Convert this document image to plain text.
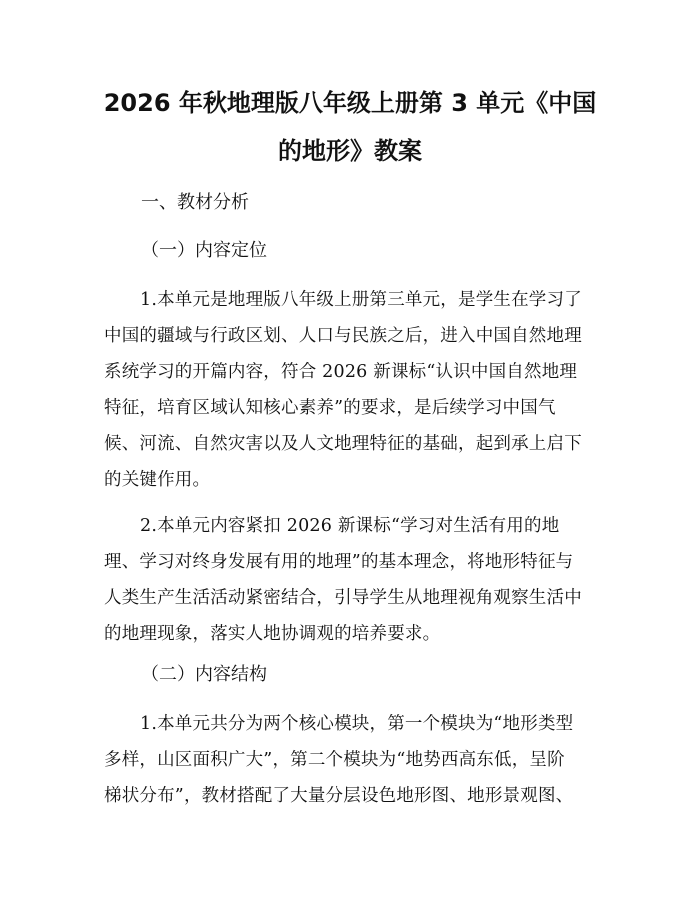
2026 年秋地理版八年级上册第 3 单元《中国
的地形》教案
一、教材分析
（一）内容定位
1.本单元是地理版八年级上册第三单元，是学生在学习了
中国的疆域与行政区划、人口与民族之后，进入中国自然地理
系统学习的开篇内容，符合 2026 新课标“认识中国自然地理
特征，培育区域认知核心素养”的要求，是后续学习中国气
候、河流、自然灾害以及人文地理特征的基础，起到承上启下
的关键作用。
2.本单元内容紧扣 2026 新课标“学习对生活有用的地
理、学习对终身发展有用的地理”的基本理念，将地形特征与
人类生产生活活动紧密结合，引导学生从地理视角观察生活中
的地理现象，落实人地协调观的培养要求。
（二）内容结构
1.本单元共分为两个核心模块，第一个模块为“地形类型
多样，山区面积广大”，第二个模块为“地势西高东低，呈阶
梯状分布”，教材搭配了大量分层设色地形图、地形景观图、
